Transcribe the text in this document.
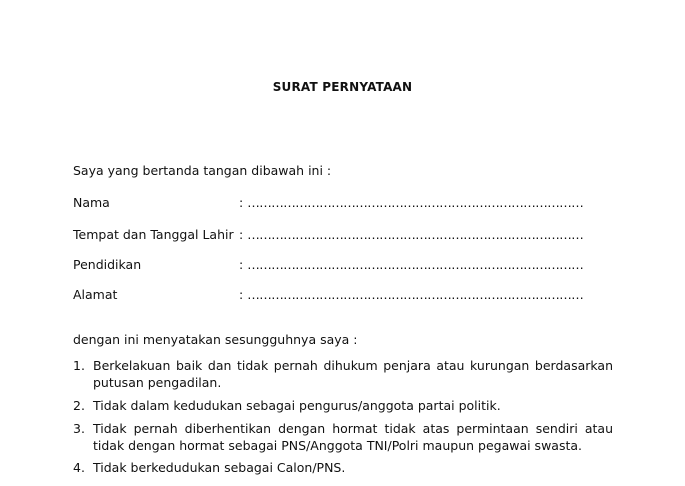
SURAT PERNYATAAN
Saya yang bertanda tangan dibawah ini :
Nama	: …………………………………………………………………………
Tempat dan Tanggal Lahir : …………………………………………………………………………
Pendidikan	: …………………………………………………………………………
Alamat	: …………………………………………………………………………
dengan ini menyatakan sesungguhnya saya :
1. Berkelakuan baik dan tidak pernah dihukum penjara atau kurungan berdasarkan putusan pengadilan.
2. Tidak dalam kedudukan sebagai pengurus/anggota partai politik.
3. Tidak pernah diberhentikan dengan hormat tidak atas permintaan sendiri atau tidak dengan hormat sebagai PNS/Anggota TNI/Polri maupun pegawai swasta.
4. Tidak berkedudukan sebagai Calon/PNS.
